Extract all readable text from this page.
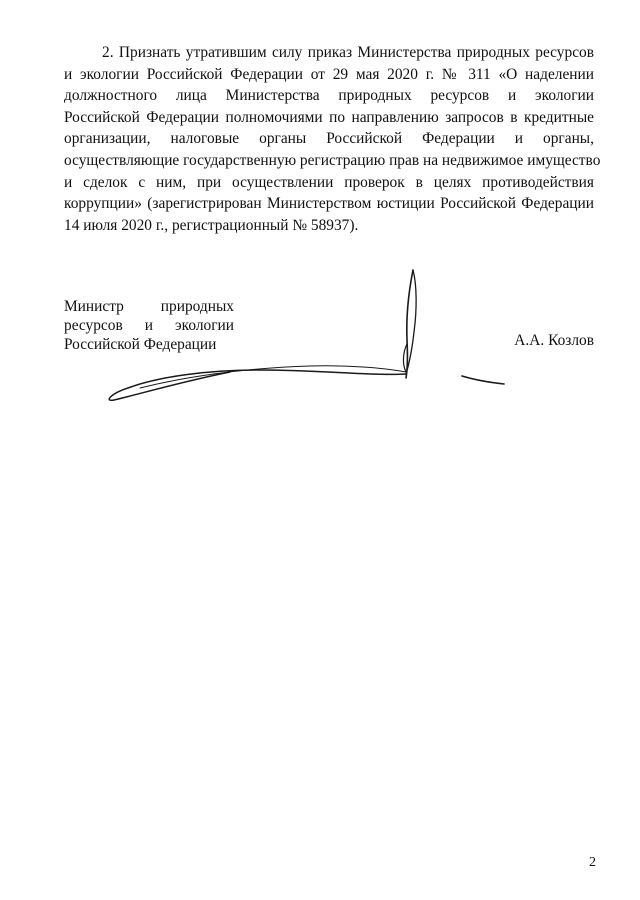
2. Признать утратившим силу приказ Министерства природных ресурсов
и экологии Российской Федерации от 29 мая 2020 г. № 311 «О наделении
должностного лица Министерства природных ресурсов и экологии
Российской Федерации полномочиями по направлению запросов в кредитные
организации, налоговые органы Российской Федерации и органы,
осуществляющие государственную регистрацию прав на недвижимое имущество
и сделок с ним, при осуществлении проверок в целях противодействия
коррупции» (зарегистрирован Министерством юстиции Российской Федерации
14 июля 2020 г., регистрационный № 58937).
Министр природных
ресурсов и экологии
Российской Федерации	А.А. Козлов
2
